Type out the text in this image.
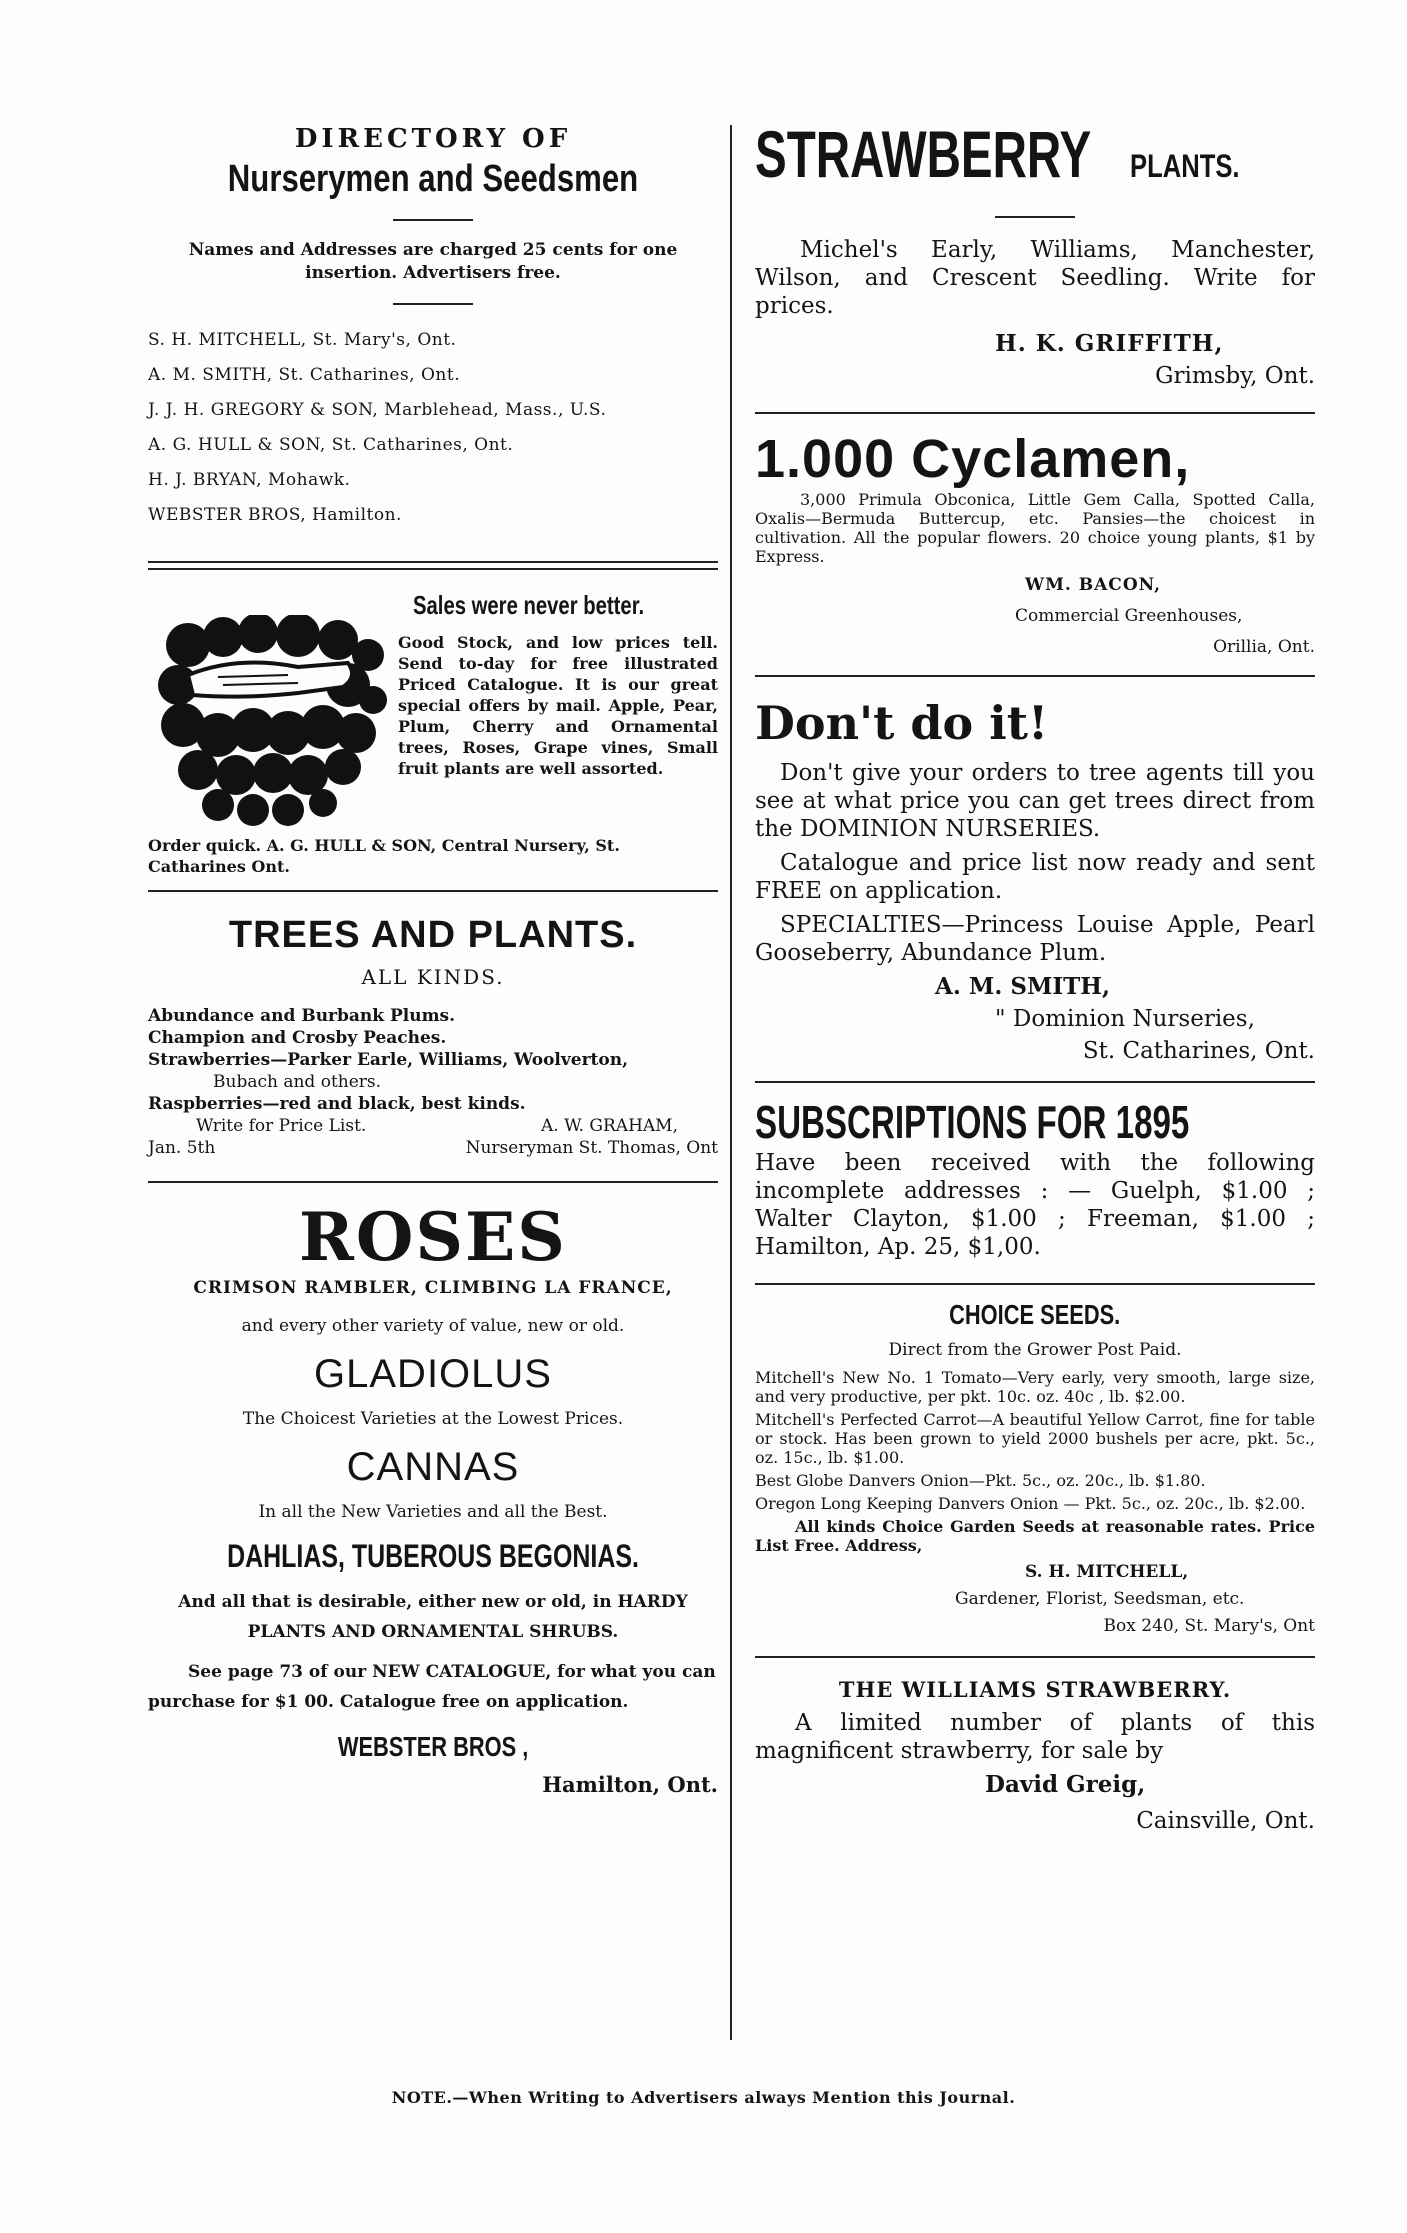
DIRECTORY OF
Nurserymen and Seedsmen
Names and Addresses are charged 25 cents for one insertion. Advertisers free.
S. H. MITCHELL, St. Mary's, Ont.
A. M. SMITH, St. Catharines, Ont.
J. J. H. GREGORY & SON, Marblehead, Mass., U.S.
A. G. HULL & SON, St. Catharines, Ont.
H. J. BRYAN, Mohawk.
WEBSTER BROS, Hamilton.
Sales were never better.
Good Stock, and low prices tell. Send to-day for free illustrated Priced Catalogue. It is our great special offers by mail. Apple, Pear, Plum, Cherry and Ornamental trees, Roses, Grape vines, Small fruit plants are well assorted.
Order quick. A. G. HULL & SON, Central Nursery, St. Catharines Ont.
TREES AND PLANTS.
ALL KINDS.
Abundance and Burbank Plums.
Champion and Crosby Peaches.
Strawberries—Parker Earle, Williams, Woolverton,
Bubach and others.
Raspberries—red and black, best kinds.
Write for Price List.	A. W. GRAHAM,
Jan. 5th	Nurseryman St. Thomas, Ont
ROSES
CRIMSON RAMBLER, CLIMBING LA FRANCE,
and every other variety of value, new or old.
GLADIOLUS
The Choicest Varieties at the Lowest Prices.
CANNAS
In all the New Varieties and all the Best.
DAHLIAS, TUBEROUS BEGONIAS.
And all that is desirable, either new or old, in HARDY PLANTS AND ORNAMENTAL SHRUBS.
See page 73 of our NEW CATALOGUE, for what you can purchase for $1 00. Catalogue free on application.
WEBSTER BROS ,
Hamilton, Ont.
STRAWBERRY PLANTS.
Michel's Early, Williams, Manchester, Wilson, and Crescent Seedling. Write for prices.
H. K. GRIFFITH,
Grimsby, Ont.
1.000 Cyclamen,
3,000 Primula Obconica, Little Gem Calla, Spotted Calla, Oxalis—Bermuda Buttercup, etc. Pansies—the choicest in cultivation. All the popular flowers. 20 choice young plants, $1 by Express.
WM. BACON,
Commercial Greenhouses,
Orillia, Ont.
Don't do it!
Don't give your orders to tree agents till you see at what price you can get trees direct from the DOMINION NURSERIES.
Catalogue and price list now ready and sent FREE on application.
SPECIALTIES—Princess Louise Apple, Pearl Gooseberry, Abundance Plum.
A. M. SMITH,
" Dominion Nurseries,
St. Catharines, Ont.
SUBSCRIPTIONS FOR 1895
Have been received with the following incomplete addresses : — Guelph, $1.00 ; Walter Clayton, $1.00 ; Freeman, $1.00 ; Hamilton, Ap. 25, $1,00.
CHOICE SEEDS.
Direct from the Grower Post Paid.
Mitchell's New No. 1 Tomato—Very early, very smooth, large size, and very productive, per pkt. 10c. oz. 40c , lb. $2.00.
Mitchell's Perfected Carrot—A beautiful Yellow Carrot, fine for table or stock. Has been grown to yield 2000 bushels per acre, pkt. 5c., oz. 15c., lb. $1.00.
Best Globe Danvers Onion—Pkt. 5c., oz. 20c., lb. $1.80.
Oregon Long Keeping Danvers Onion — Pkt. 5c., oz. 20c., lb. $2.00.
All kinds Choice Garden Seeds at reasonable rates. Price List Free. Address,
S. H. MITCHELL,
Gardener, Florist, Seedsman, etc.
Box 240, St. Mary's, Ont
THE WILLIAMS STRAWBERRY.
A limited number of plants of this magnificent strawberry, for sale by
David Greig,
Cainsville, Ont.
NOTE.—When Writing to Advertisers always Mention this Journal.
